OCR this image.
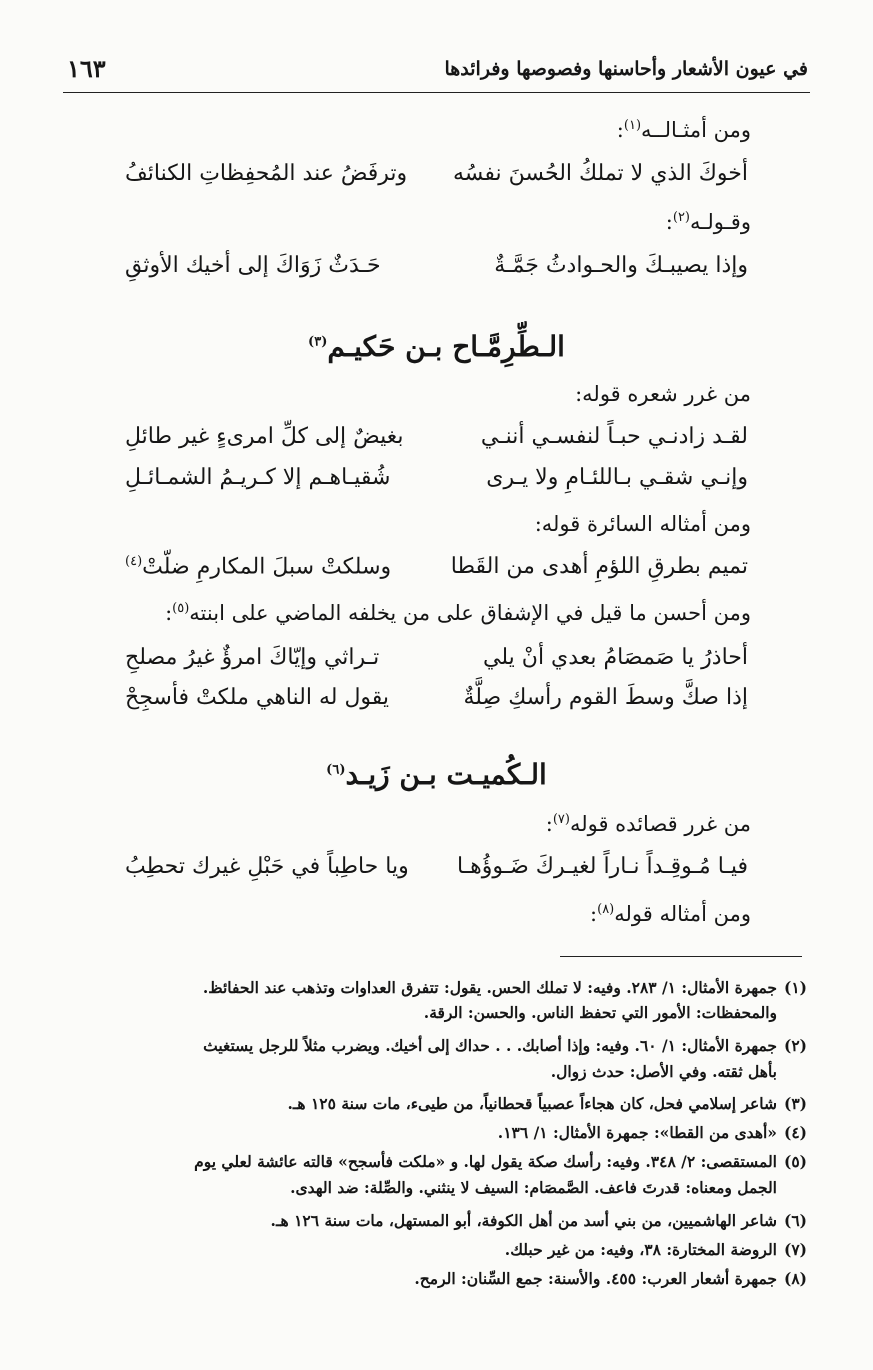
في عيون الأشعار وأحاسنها وفصوصها وفرائدها
١٦٣
ومن أمثـالــه$^{(١)}$:
أخوكَ الذي لا تملكُ الحُسنَ نفسُه
وترفَضُ عند المُحفِظاتِ الكنائفُ
وقـولـه$^{(٢)}$:
وإذا يصيبـكَ والحـوادثُ جَمَّـةٌ
حَـدَثٌ زَوَاكَ إلى أخيك الأوثقِ
الـطِّرِمَّـاح بـن حَكيـم$^{(٣)}$
من غرر شعره قوله:
لقـد زادنـي حبـاً لنفسـي أننـي
بغيضٌ إلى كلِّ امرىءٍ غير طائلِ
وإنـي شقـي بـاللئـامِ ولا يـرى
شُقيـاهـم إلا كـريـمُ الشمـائـلِ
ومن أمثاله السائرة قوله:
تميم بطرقِ اللؤمِ أهدى من القَطا
وسلكتْ سبلَ المكارمِ ضلّتْ$^{(٤)}$
ومن أحسن ما قيل في الإشفاق على من يخلفه الماضي على ابنته$^{(٥)}$:
أحاذرُ يا صَمصَامُ بعدي أنْ يلي
تـراثي وإيّاكَ امرؤٌ غيرُ مصلحِ
إذا صكَّ وسطَ القوم رأسكِ صِلَّةٌ
يقول له الناهي ملكتْ فأسجِحْ
الـكُميـت بـن زَيـد$^{(٦)}$
من غرر قصائده قوله$^{(٧)}$:
فيـا مُـوقِـداً نـاراً لغيـركَ ضَـوؤُهـا
ويا حاطِباً في حَبْلِ غيرك تحطِبُ
ومن أمثاله قوله$^{(٨)}$:
(١)جمهرة الأمثال: ١/ ٢٨٣. وفيه: لا تملك الحس. يقول: تتفرق العداوات وتذهب عند الحفائظ.
والمحفظات: الأمور التي تحفظ الناس. والحسن: الرقة.
(٢)جمهرة الأمثال: ١/ ٦٠. وفيه: وإذا أصابك. . . حداك إلى أخيك. ويضرب مثلاً للرجل يستغيث
بأهل ثقته. وفي الأصل: حدث زوال.
(٣)شاعر إسلامي فحل، كان هجاءاً عصبياً قحطانياً، من طيىء، مات سنة ١٢٥ هـ.
(٤)«أهدى من القطا»: جمهرة الأمثال: ١/ ١٣٦.
(٥)المستقصى: ٢/ ٣٤٨. وفيه: رأسك صكة يقول لها. و «ملكت فأسجح» قالته عائشة لعلي يوم
الجمل ومعناه: قدرتَ فاعف. الصَّمصَام: السيف لا ينثني. والصِّلة: ضد الهدى.
(٦)شاعر الهاشميين، من بني أسد من أهل الكوفة، أبو المستهل، مات سنة ١٢٦ هـ.
(٧)الروضة المختارة: ٣٨، وفيه: من غير حبلك.
(٨)جمهرة أشعار العرب: ٤٥٥. والأسنة: جمع السِّنان: الرمح.
